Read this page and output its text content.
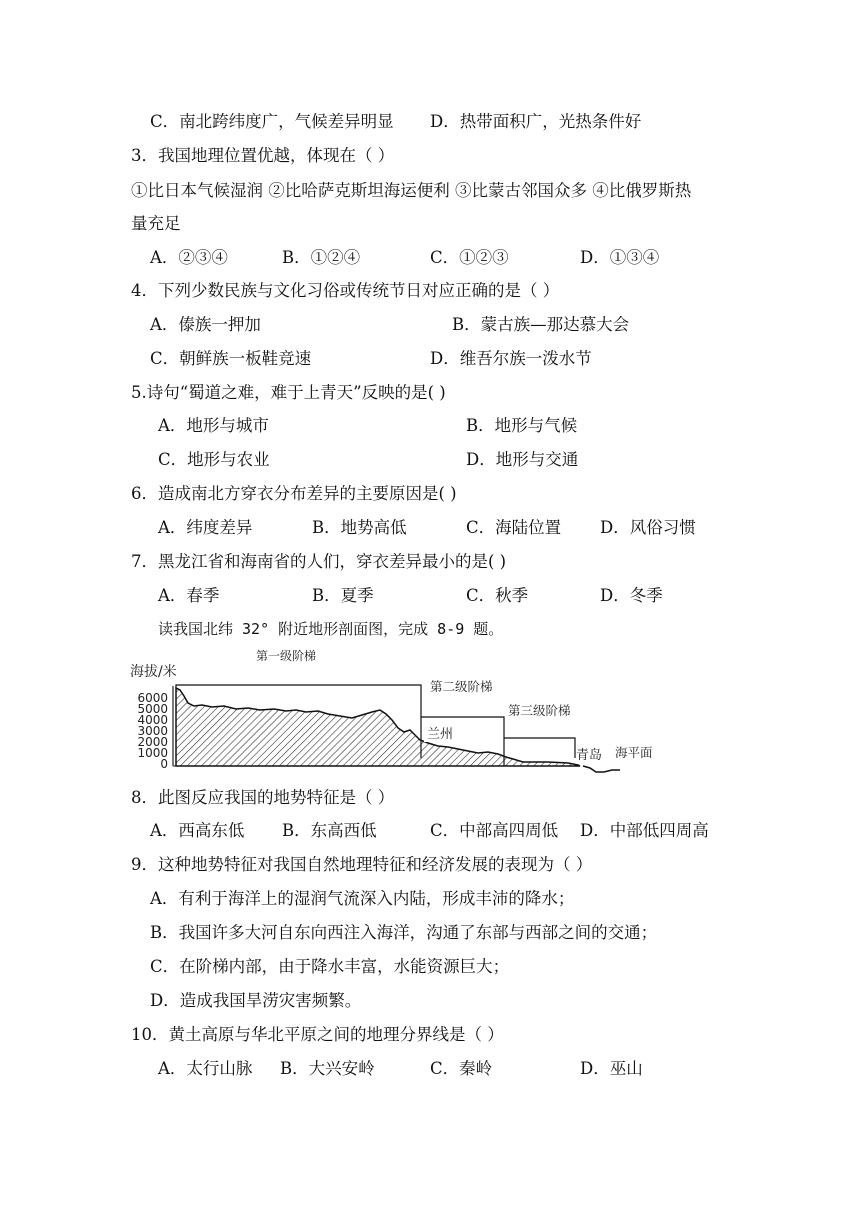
C．南北跨纬度广，气候差异明显 D．热带面积广，光热条件好
3．我国地理位置优越，体现在（ ）
①比日本气候湿润 ②比哈萨克斯坦海运便利 ③比蒙古邻国众多 ④比俄罗斯热
量充足
A．②③④	B．①②④	C．①②③	D．①③④
4．下列少数民族与文化习俗或传统节日对应正确的是（ ）
A．傣族一押加	B．蒙古族—那达慕大会
C．朝鲜族一板鞋竞速	D．维吾尔族一泼水节
5.诗句“蜀道之难，难于上青天”反映的是( )
A．地形与城市	B．地形与气候
C．地形与农业	D．地形与交通
6．造成南北方穿衣分布差异的主要原因是( )
A．纬度差异	B．地势高低	C．海陆位置 D．风俗习惯
7．黑龙江省和海南省的人们，穿衣差异最小的是( )
A．春季	B．夏季	C．秋季	D．冬季
读我国北纬 32° 附近地形剖面图，完成 8-9 题。
海拔/米
6000
5000
4000
3000
2000
1000
0
第一级阶梯
第二级阶梯
兰州
第三级阶梯
青岛 海平面
8．此图反应我国的地势特征是（ ）
A．西高东低 B．东高西低	C．中部高四周低 D．中部低四周高
9．这种地势特征对我国自然地理特征和经济发展的表现为（ ）
A．有利于海洋上的湿润气流深入内陆，形成丰沛的降水；
B．我国许多大河自东向西注入海洋，沟通了东部与西部之间的交通；
C．在阶梯内部，由于降水丰富，水能资源巨大；
D．造成我国旱涝灾害频繁。
10．黄土高原与华北平原之间的地理分界线是（ ）
A．太行山脉 B．大兴安岭	C．秦岭	D．巫山
